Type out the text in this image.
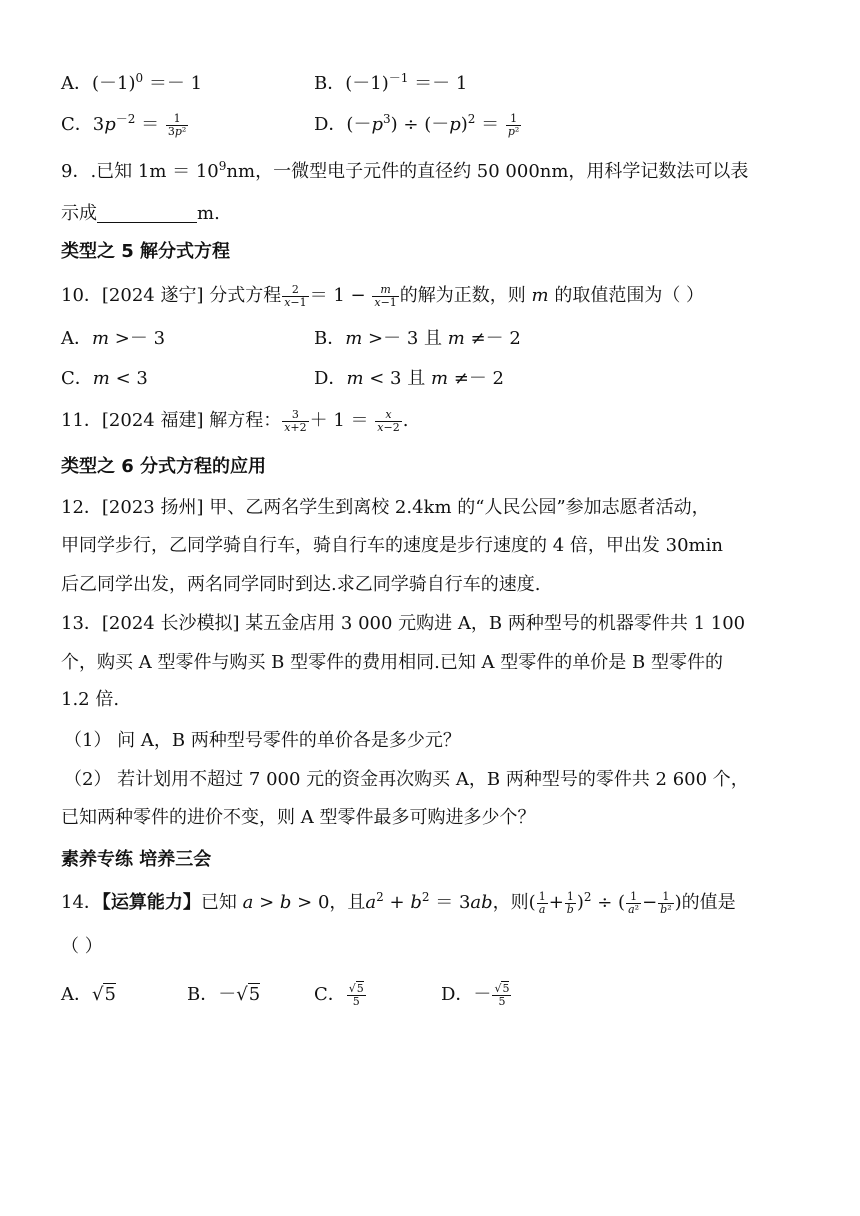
A．$(-1)^0 =- 1$	B．$(-1)^{-1} =- 1$
C．$3p^{-2} = \frac{1}{\text{3p²}}$	D．$(-p^3) \div (-p)^2 = \frac{1}{\text{p²}}$
9．.已知 $1m = 10^9nm$，一微型电子元件的直径约 50 000nm，用科学记数法可以表
示成	m.
类型之 5 解分式方程
10．[2024 遂宁] 分式方程 $\frac{2}{x-1} = 1 - \frac{m}{x-1}$ 的解为正数，则 m 的取值范围为（ ）
A．m >－ 3	B．m >－ 3 且 m ≠－ 2
C．m < 3	D．m < 3 且 m ≠－ 2
11．[2024 福建] 解方程： $\frac{3}{x+2} + 1 = \frac{x}{x-2}$ .
类型之 6 分式方程的应用
12．[2023 扬州] 甲、乙两名学生到离校 2.4km 的“人民公园”参加志愿者活动，
甲同学步行，乙同学骑自行车，骑自行车的速度是步行速度的 4 倍，甲出发 30min
后乙同学出发，两名同学同时到达.求乙同学骑自行车的速度.
13．[2024 长沙模拟] 某五金店用 3 000 元购进 A，B 两种型号的机器零件共 1 100
个，购买 A 型零件与购买 B 型零件的费用相同.已知 A 型零件的单价是 B 型零件的
1.2 倍.
（1） 问 A，B 两种型号零件的单价各是多少元？
（2） 若计划用不超过 7 000 元的资金再次购买 A，B 两种型号的零件共 2 600 个，
已知两种零件的进价不变，则 A 型零件最多可购进多少个？
素养专练 培养三会
14．【运算能力】已知 a > b > 0，且$a^2 + b^2 = 3ab$，则( $\frac{1}{a} + \frac{1}{b} )^2$ ÷ ( $\frac{1}{\text{a²}} - \frac{1}{\text{b²}}$ )的值是
（ ）
A．√5	B．－√5	C． $\frac{√5}{5}$	D．－ $\frac{√5}{5}$
